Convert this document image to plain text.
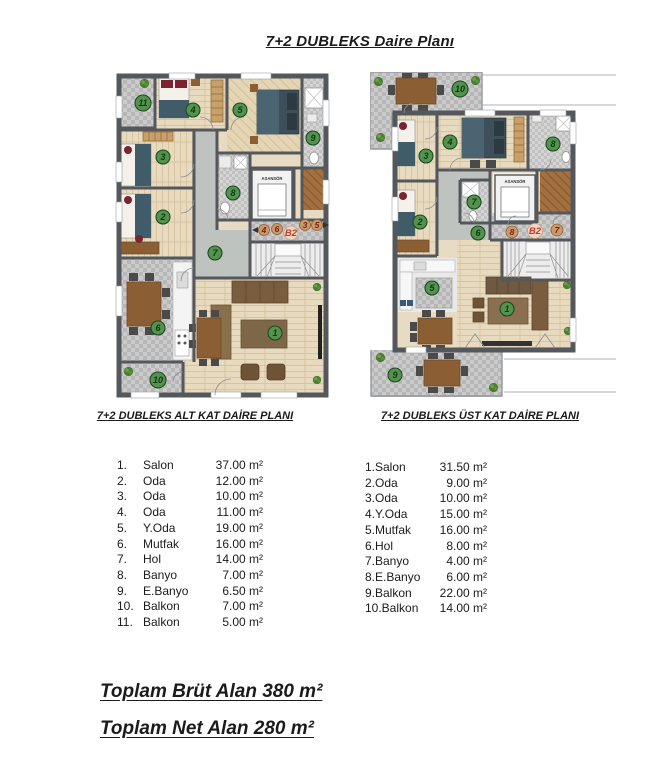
7+2 DUBLEKS Daire Planı
ASANSÖR
1
2
3
4	5
6
7
8
9
10
11
4 6	3 5
B2
ASANSÖR
1
2
3
4
5
6
7
8
9
10
8	7
B2
7+2 DUBLEKS ALT KAT DAİRE PLANI	7+2 DUBLEKS ÜST KAT DAİRE PLANI
1.	Salon	37.00 m²
2.	Oda	12.00 m²
3.	Oda	10.00 m²
4.	Oda	11.00 m²
5.	Y.Oda	19.00 m²
6.	Mutfak	16.00 m²
7.	Hol	14.00 m²
8.	Banyo	7.00 m²
9.	E.Banyo	6.50 m²
10. Balkon	7.00 m²
11. Balkon	5.00 m²
1.Salon	31.50 m²
2.Oda	9.00 m²
3.Oda	10.00 m²
4.Y.Oda	15.00 m²
5.Mutfak	16.00 m²
6.Hol	8.00 m²
7.Banyo	4.00 m²
8.E.Banyo	6.00 m²
9.Balkon	22.00 m²
10.Balkon	14.00 m²
Toplam Brüt Alan 380 m²
Toplam Net Alan 280 m²
